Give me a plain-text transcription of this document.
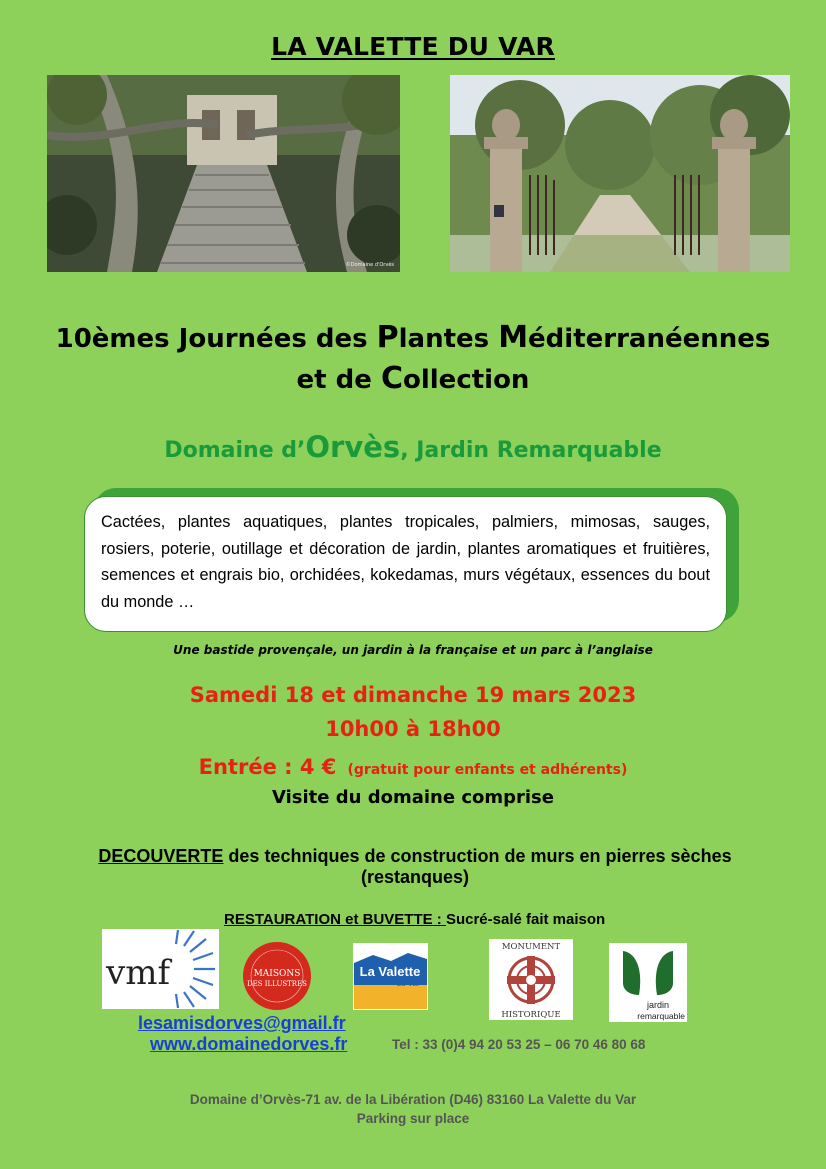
LA VALETTE DU VAR
©Domaine d'Orvès
10èmes Journées des Plantes Méditerranéennes
et de Collection
Domaine d’Orvès, Jardin Remarquable
Cactées, plantes aquatiques, plantes tropicales, palmiers, mimosas, sauges, rosiers, poterie, outillage et décoration de jardin, plantes aromatiques et fruitières, semences et engrais bio, orchidées, kokedamas, murs végétaux, essences du bout du monde …
Une bastide provençale, un jardin à la française et un parc à l’anglaise
Samedi 18 et dimanche 19 mars 2023
10h00 à 18h00
Entrée : 4 € (gratuit pour enfants et adhérents)
Visite du domaine comprise
DECOUVERTE des techniques de construction de murs en pierres sèches (restanques)
RESTAURATION et BUVETTE : Sucré-salé fait maison
vmf	MAISONS
DES ILLUSTRES
La Valette
du Var
MONUMENT
HISTORIQUE
jardin
remarquable
lesamisdorves@gmail.fr
www.domainedorves.fr	Tel : 33 (0)4 94 20 53 25 – 06 70 46 80 68
Domaine d’Orvès-71 av. de la Libération (D46) 83160 La Valette du Var
Parking sur place
